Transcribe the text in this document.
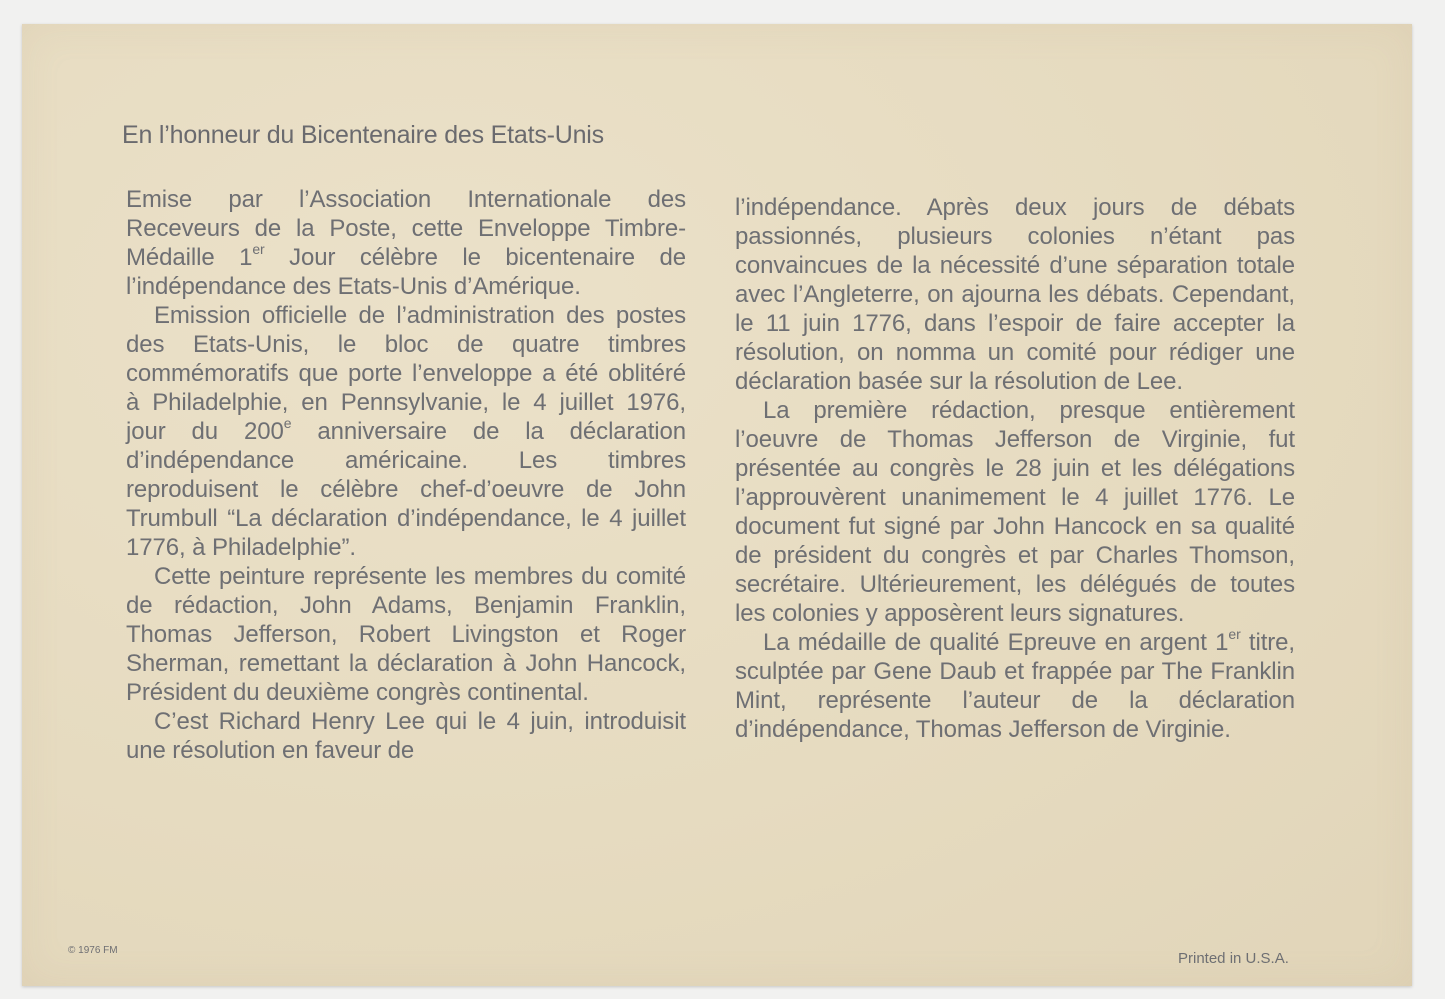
En l’honneur du Bicentenaire des Etats-Unis

Emise par l’Association Internationale des Receveurs de la Poste, cette Enveloppe Timbre-Médaille 1er Jour célèbre le bicentenaire de l’indépendance des Etats-Unis d’Amérique.

Emission officielle de l’administration des postes des Etats-Unis, le bloc de quatre timbres commémoratifs que porte l’enveloppe a été oblitéré à Philadelphie, en Pennsylvanie, le 4 juillet 1976, jour du 200e anniversaire de la déclaration d’indépendance américaine. Les timbres reproduisent le célèbre chef-d’oeuvre de John Trumbull “La déclaration d’indépendance, le 4 juillet 1776, à Philadelphie”.

Cette peinture représente les membres du comité de rédaction, John Adams, Benjamin Franklin, Thomas Jefferson, Robert Livingston et Roger Sherman, remettant la déclaration à John Hancock, Président du deuxième congrès continental.

C’est Richard Henry Lee qui le 4 juin, introduisit une résolution en faveur de

l’indépendance. Après deux jours de débats passionnés, plusieurs colonies n’étant pas convaincues de la nécessité d’une séparation totale avec l’Angleterre, on ajourna les débats. Cependant, le 11 juin 1776, dans l’espoir de faire accepter la résolution, on nomma un comité pour rédiger une déclaration basée sur la résolution de Lee.

La première rédaction, presque entièrement l’oeuvre de Thomas Jefferson de Virginie, fut présentée au congrès le 28 juin et les délégations l’approuvèrent unanimement le 4 juillet 1776. Le document fut signé par John Hancock en sa qualité de président du congrès et par Charles Thomson, secrétaire. Ultérieurement, les délégués de toutes les colonies y apposèrent leurs signatures.

La médaille de qualité Epreuve en argent 1er titre, sculptée par Gene Daub et frappée par The Franklin Mint, représente l’auteur de la déclaration d’indépendance, Thomas Jefferson de Virginie.

© 1976 FM	Printed in U.S.A.
